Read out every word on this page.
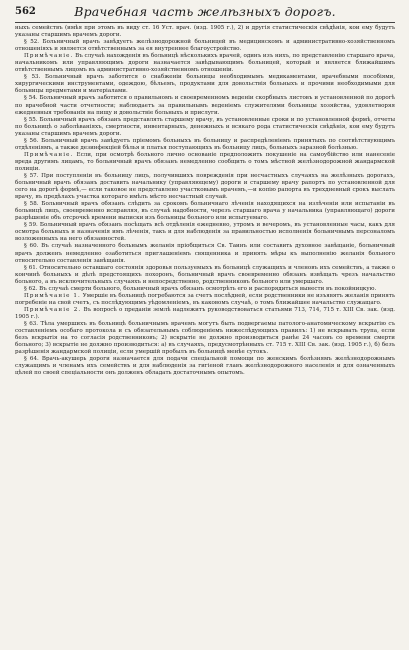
562	Врачебная часть желѣзныхъ дорогъ.

ныхъ семействъ (имѣя при этомъ въ виду ст. 16 Уст. врач. (изд. 1905 г.), 2) и другія статистическія свѣдѣнія, кои ему будутъ указаны старшимъ врачемъ дороги.

§ 52. Больничный врачъ завѣдуетъ желѣзнодорожной больницей въ медицинскомъ и административно-хозяйственномъ отношеніяхъ и является отвѣтственнымъ за ея внутреннее благоустройство.

Примѣчаніе. Въ случаѣ нахожденія въ больницѣ нѣсколькихъ врачей, одинъ изъ нихъ, по представленію старшаго врача, начальникомъ или управляющимъ дороги назначается завѣдывающимъ больницей, который и является ближайшимъ отвѣтственнымъ лицомъ въ административно-хозяйственномъ отношеніи.

§ 53. Больничный врачъ заботится о снабженіи больницы необходимымъ медикаментами, врачебными пособіями, хирургическими инструментами, одеждою, бѣльемъ, продуктами для довольствія больныхъ и прочими необходимыми для больницы предметами и матеріалами.

§ 54. Больничный врачъ заботится о правильномъ и своевременномъ веденіи скорбныхъ листовъ и установленной по дорогѣ по врачебной части отчетности; наблюдаетъ за правильнымъ веденіемъ служителями больницы хозяйства, удовлетворяя ежедневныя требованія на пищу и довольствіе больныхъ и прислуги.

§ 55. Больничный врачъ обязанъ представлять старшему врачу, въ установленные сроки и по установленной формѣ, отчеты по больницѣ о заболѣваніяхъ, смертности, инвентарныхъ, денежныхъ и всякаго рода статистическія свѣдѣнія, кои ему будутъ указаны старшимъ врачемъ дороги.

§ 56. Больничный врачъ завѣдуетъ пріемомъ больныхъ въ больницу и распредѣленіемъ принятыхъ по соотвѣтствующимъ отдѣленіямъ, а также дезинфекціей бѣлья и платья поступающихъ въ больницу лицъ, больныхъ заразной болѣзнью.

Примѣчаніе. Если, при осмотрѣ больного лично основаніе предположить покушеніе на самоубійство или нанесеніе вреда другимъ лицамъ, то больничный врачъ обязанъ немедленно сообщить о томъ мѣстной желѣзнодорожной жандармской полиціи.

§ 57. При поступленіи въ больницу лицъ, получившихъ поврежденія при несчастныхъ случаяхъ на желѣзныхъ дорогахъ, больничный врачъ обязанъ доставить начальнику (управляющему) дороги и старшему врачу рапортъ по установленной для сего на дорогѣ формѣ,— если таковое не представлено участковымъ врачемъ,—и копію рапорта въ трехдневный срокъ выслать врачу, въ предѣлахъ участка котораго имѣлъ мѣсто несчастный случай.

§ 58. Больничный врачъ обязанъ слѣдить за срокомъ больничнаго лѣченія находящихся на излѣченіи или испытаніи въ больницѣ лицъ, своевременно исправляя, въ случаѣ надобности, черезъ старшаго врача у начальника (управляющаго) дороги разрѣшеніе объ отсрочкѣ времени выписки изъ больницы больного или испытуемаго.

§ 59. Больничный врачъ обязанъ посѣщать всѣ отдѣленія ежедневно, утромъ и вечеромъ, въ установленные часы, какъ для осмотра больныхъ и назначенія имъ лѣченія, такъ и для наблюденія за правильностью исполненія больничнымъ персоналомъ возложенныхъ на него обязанностей.

§ 60. Въ случаѣ назначенного больнымъ желанія пріобщиться Св. Таинъ или составить духовное завѣщаніе, больничный врачъ долженъ немедленно озаботиться приглашеніемъ священника и принять мѣры къ выполненію желанія больного относительно составленія завѣщанія.

§ 61. Относительно оставшаго состоянія здоровья пользуемыхъ въ больницѣ служащихъ и членовъ ихъ семействъ, а также о кончинѣ больныхъ и дѣлѣ предстоящихъ похоронъ, больничный врачъ своевременно обязанъ извѣщать чрезъ начальство больного, а въ исключительныхъ случаяхъ и непосредственно, родственниковъ больного или умершаго.

§ 62. Въ случаѣ смерти больного, больничный врачъ обязанъ осмотрѣть его и распорядиться вынести въ покойницкую.

Примѣчаніе 1. Умершіе въ больницѣ погребаются за счетъ послѣдней, если родственники не изъявятъ желанія принять погребеніе на свой счетъ, съ послѣдующимъ уѣдомленіемъ, въ каковомъ случаѣ, о томъ ближайшее начальство служащаго.

Примѣчаніе 2. Въ вопросѣ о преданіи землѣ надлежитъ руководствоваться статьями 713, 714, 715 т. XIII Св. зак. (изд. 1905 г.).

§ 63. Тѣла умершихъ въ больницѣ больничнымъ врачемъ могутъ быть подвергаемы патолого-анатомическому вскрытію съ составленіемъ особаго протокола и съ обязательнымъ соблюденіемъ нижеслѣдующихъ правилъ: 1) не вскрывать трупа, если безъ вскрытія на то согласія родственниковъ; 2) вскрытіе не должно производиться ранѣе 24 часовъ со времени смерти больного; 3) вскрытіе не должно производиться: а) въ случаяхъ, предусмотрѣнныхъ ст. 715 т. XIII Св. зак. (изд. 1905 г.), б) безъ разрѣшенія жандармской полиціи, если умершій пробылъ въ больницѣ менѣе сутокъ.

§ 64. Врачь-акушерь дороги назначается для подачи спеціальной помощи по женскимъ болѣзнямъ желѣзнодорожнымъ служащимъ и членамъ ихъ семействъ и для наблюденія за гигіеной главъ желѣзнодорожного населенія и для означенныхъ цѣлей по своей спеціальности онъ долженъ обладать достаточнымъ опытомъ.
